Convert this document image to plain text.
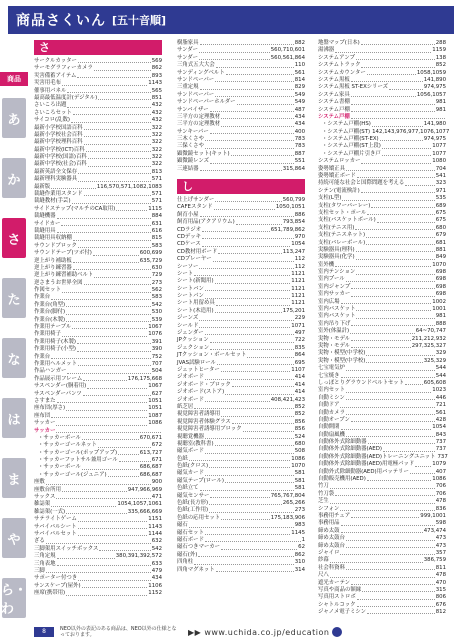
商品さくいん [五十音順]
商品
あ
か
さ
た
な
は
ま
や
ら・わ
さ
サークルカッター	569
サーモグラフィーカメラ	862
災害備蓄アイテム	893
災害用毛布	1143
催事用パネル	565
最高最低温度計(デジタル)	851
さいころ出題	432
さいころセット	432
サイコロ(乱数)	432
最新小学校国語百科	322
最新小学校社会百科	322
最新中学校理科百科	322
最新中学校(ICT)百科	322
最新中学校(国語)百科	322
最新中学校(社会)百科	322
最新英語全文保存	813
最新理科実験器具	571
最新版	116,570,571,1082,1083
裁縫作業用スタンド	571
裁縫教材(手芸)	571
サイドステップ(マルチのCA取用)	1115
裁縫機器	884
サイドカー	631
裁縫用具	616
裁縫用具収納棚	815
サウンドブロック	583
サウンドテープ(ツボ付)	600,699
逆上がり補助板	635,729
逆上がり練習器	630
逆上がり練習補助ベルト	729
逆さまうお世界全図	273
作図セット	562
作業台	583
作業台(角型)	542
作業台(脚付)	530
作業台(木製)	539
作業用テーブル	1067
作業用椅子	1076
作業用椅子(木製)	391
作業用椅子(小型)	390
作業台	752
作業用ヘルメット	707
作品ハンガー	504
作品展示用フレーム	176,175,668
サスペンダー(胴着用)	1067
サスペンダーパンツ	627
さすまた	1051
座布団(厚さ)	1051
座布団	1087
サッカー	1086
サッカー
・サッカーボール	670,671
・サッカーゴールネット	672
・サッカーゴール(ポップアップ)	613,727
・サッカーフットサル兼用ゴール	671
・サッカーボール	686,687
・サッカーゴール(ジュニア)	686,687
座敷	900
座敷台所用	947,966,969
サックス	471
雑誌架	1054,1057,1061
雑誌架(一式)	335,666,669
サテライトゲーム	1151
サバイバルシート	1143
サバイバルセット	1144
ざる	632
三脚架用スイッチボックス	542
三角定規	380,391,392,572
三角表地	633
三脚	479
サポーター付つき	434
サンスケープ(屋外)	1106
座席(携帯用)	1152
樹脂家具	882
サンダー	560,710,601
サンダー	560,561,864
三角式五大大会	110
サンディングベルト	561
サンドペーパー	814
三重定規	829
サンドペーパー	549
サンドペーパーホルダー	549
サンバイザー	487
三平方の定理教材	434
三平方の定理教材	434
サンキーパー	400
三木くさや	783
三保くさや	783
顕微鏡セット(キット)	887
顕微鏡レンズ	551
三連結器	315,864
し
仕上げサンダー	560,799
CAFEスタンド	1050,1051
飼育小屋	886
飼育用品(アクアリウム)	793,854
CDラジオ	651,789,862
CDデッキ	970
CDケース	1054
CD教材用ボード	113,247
CDプレーヤー	112
シーソー	112
シート	1121
シート(新聞用)	1121
シートバン	1121
シートパン	1121
シート用留め具	1121
シート(木造用)	175,201
ジーンズ	229
シールド	1071
ジェンダー	497
JPクッション	722
ジェクション	835
JTクッション・ボールセット	864
JVAS試験ロール	695
ジェットヒーター	1107
ジオボード	414
ジオボード・ブロック	414
ジオボード(ストア)	414
ジオボード	408,421,423
紙芝居	852
視覚障害者誘導用	852
視覚障害者体験グラス	856
視覚障害者誘導用ブロック	856
視聴覚機器	524
視聴室(教科書)	680
磁気ボード	508
色紙	1086
色紙(クロス)	1070
磁気カード	581
磁気テープ(ロール)	581
色紙立て	581
磁気センサー	765,767,804
色紙(長方形)	265,266
色紙(工作用)	273
色紙の応用セット	175,183,906
磁石	983
磁石セット	1145
磁石ボード	1
磁石つきマーカー	62
磁石(外)	862
四角柱	310
四角マグネット	314
地盤マップ(日本)	288
湯沸器	1159
システムアンプ	138
システムトラック	852
システムカウンター	1058,1059
システム黒板	141,890
システム黒板 ST-EXシリーズ	974,975
システム家具	1056,1057
システム書棚	981
システム戸棚	981
システム戸棚
・システム戸棚(HS)	141,980
・システム戸棚(ST) 142,143,976,977,1076,1077
・システム戸棚(ST-EX)	974,975
・システム戸棚(ST上段)	1077
・システム戸棚片引き戸	1077
システムロッカー	1080
姿勢矯正具	704
姿勢矯正ボード	541
持続可能な社会と国際問題を考える	323
シテン(電流検計)	971
支柱(L型)	535
支柱(タワーバーレー)	689
支柱セット・ポール	675
支柱(バスケットボール)	675
支柱(テニス用)	680
支柱(テニスネット)	679
支柱(バレーボール)	681
実験器具(理科)	881
実験器具(化学)	849
室外機	1070
室内テンション	698
室内プール	698
室内ジャンプ	698
室内サッカー	698
室内広場	1002
室内バスケット	1001
室内バスケット	981
室内吊り下げ	888
室外(体温計)	64~70,747
実物・モデル	211,212,932
実物・モデル	297,325,327
実物・模型(中学校)	329
実物・模型(中学校)	325,329
七宝電気炉	544
七宝焼き	544
しっぽとりグラウンドベルトセット	605,608
室内セット	1023
自動ミシン	446
自動ドア	721
自動カメラ	561
自動オープン	428
自動開閉	1054
自動扇風機	843
自動体外式除細動器	737
自動体外式除細動器(AED)	737
自動体外式除細動器(AED)トレーニングユニット 737
自動体外式除細動器(AED)用電極パッド	1079
自動外式除細動器(AED)用バッテリー	407
自動販売機用(AED)	1086
竹刀	706
竹刀袋	706
芝生	478
シフォン	836
事務用チェア	999,1001
事務用品	598
締め太鼓	473,474
締め太鼓台	473
締め太鼓台	473
ジャイロ	357
紗幕	386,759
社会科資料	811
尺八	478
遮光カーテン	470
写真や商品の額縁	315
写真用ストロボ	806
シャトルコック	676
ジャノメ電子ミシン	812
8	NEO以外の表記のある商品は、NEO以外の仕様となっております。	▶▶ www.uchida.co.jp/education
